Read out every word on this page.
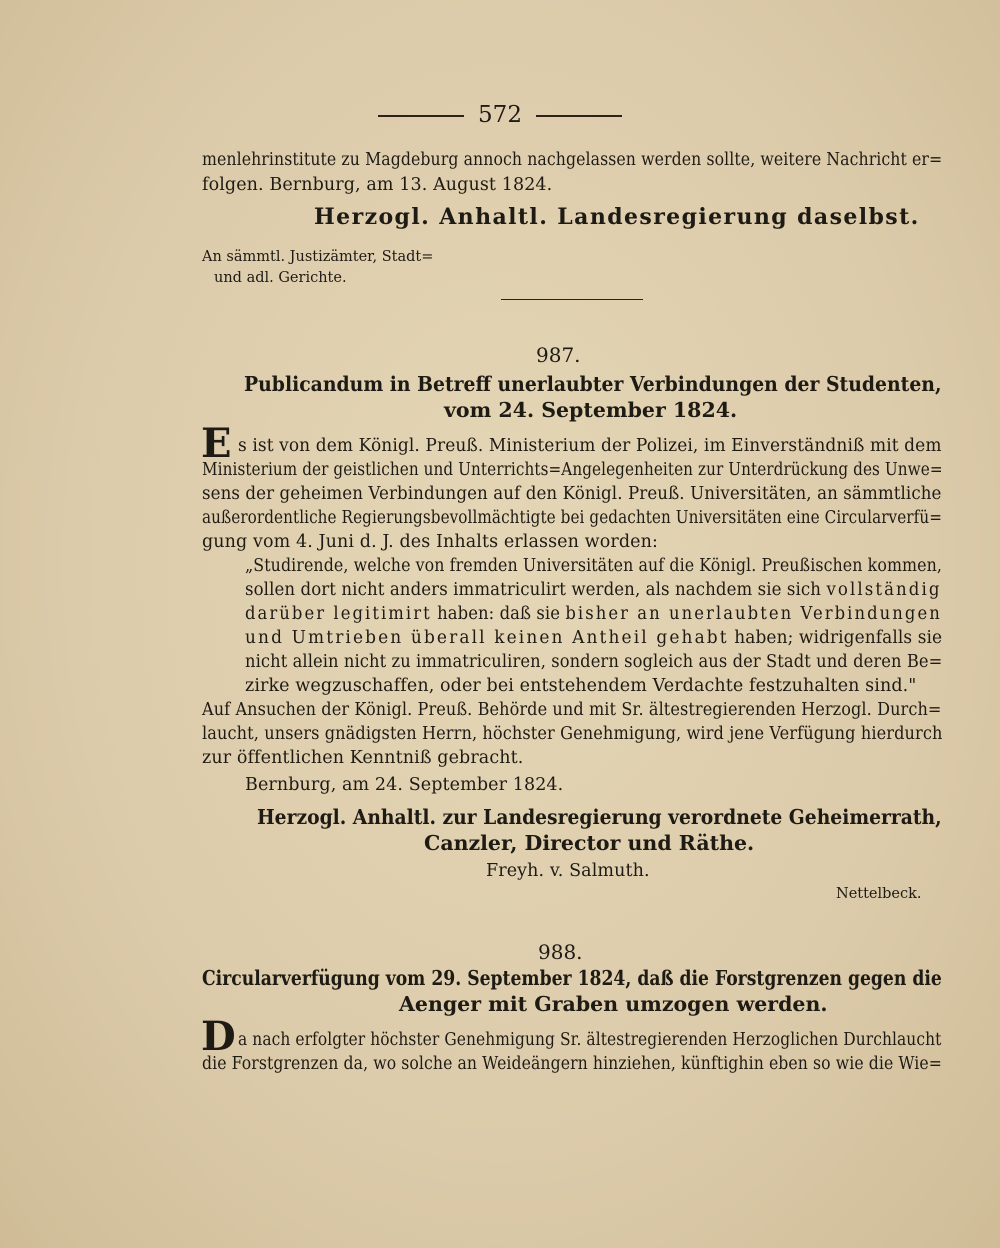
572
menlehrinstitute zu Magdeburg annoch nachgelassen werden sollte, weitere Nachricht er=
folgen. Bernburg, am 13. August 1824.
Herzogl. Anhaltl. Landesregierung daselbst.
An sämmtl. Justizämter, Stadt=
und adl. Gerichte.
987.
Publicandum in Betreff unerlaubter Verbindungen der Studenten,
vom 24. September 1824.
E s ist von dem Königl. Preuß. Ministerium der Polizei, im Einverständniß mit dem
Ministerium der geistlichen und Unterrichts=Angelegenheiten zur Unterdrückung des Unwe=
sens der geheimen Verbindungen auf den Königl. Preuß. Universitäten, an sämmtliche
außerordentliche Regierungsbevollmächtigte bei gedachten Universitäten eine Circularverfü=
gung vom 4. Juni d. J. des Inhalts erlassen worden:
„Studirende, welche von fremden Universitäten auf die Königl. Preußischen kommen,
sollen dort nicht anders immatriculirt werden, als nachdem sie sich vollständig
darüber legitimirt haben: daß sie bisher an unerlaubten Verbindungen
und Umtrieben überall keinen Antheil gehabt haben; widrigenfalls sie
nicht allein nicht zu immatriculiren, sondern sogleich aus der Stadt und deren Be=
zirke wegzuschaffen, oder bei entstehendem Verdachte festzuhalten sind."
Auf Ansuchen der Königl. Preuß. Behörde und mit Sr. ältestregierenden Herzogl. Durch=
laucht, unsers gnädigsten Herrn, höchster Genehmigung, wird jene Verfügung hierdurch
zur öffentlichen Kenntniß gebracht.
Bernburg, am 24. September 1824.
Herzogl. Anhaltl. zur Landesregierung verordnete Geheimerrath,
Canzler, Director und Räthe.
Freyh. v. Salmuth.
Nettelbeck.
988.
Circularverfügung vom 29. September 1824, daß die Forstgrenzen gegen die
Aenger mit Graben umzogen werden.
D a nach erfolgter höchster Genehmigung Sr. ältestregierenden Herzoglichen Durchlaucht
die Forstgrenzen da, wo solche an Weideängern hinziehen, künftighin eben so wie die Wie=
